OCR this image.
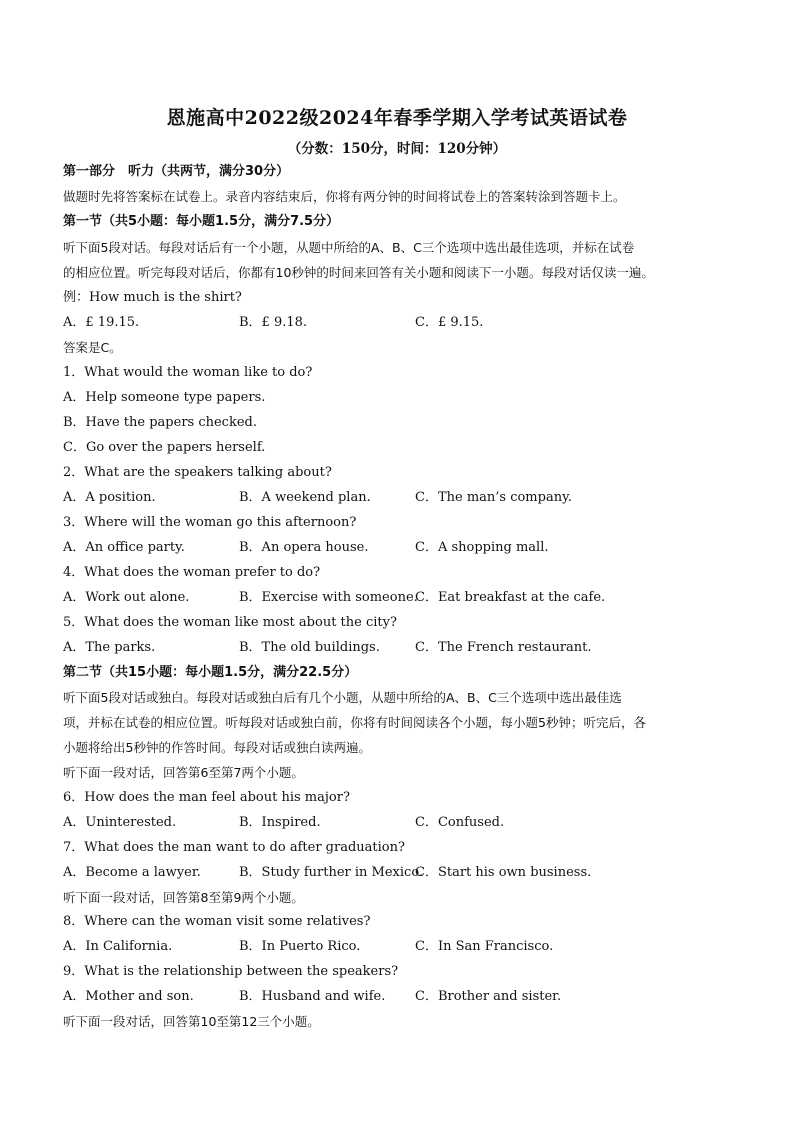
恩施高中2022级2024年春季学期入学考试英语试卷
（分数：150分，时间：120分钟）
第一部分　听力（共两节，满分30分）
做题时先将答案标在试卷上。录音内容结束后，你将有两分钟的时间将试卷上的答案转涂到答题卡上。
第一节（共5小题：每小题1.5分，满分7.5分）
听下面5段对话。每段对话后有一个小题，从题中所给的A、B、C三个选项中选出最佳选项，并标在试卷
的相应位置。听完每段对话后，你都有10秒钟的时间来回答有关小题和阅读下一小题。每段对话仅读一遍。
例：How much is the shirt?
A．£ 19.15.	B．£ 9.18.	C．£ 9.15.
答案是C。
1．What would the woman like to do?
A．Help someone type papers.
B．Have the papers checked.
C．Go over the papers herself.
2．What are the speakers talking about?
A．A position.	B．A weekend plan.	C．The man’s company.
3．Where will the woman go this afternoon?
A．An office party.	B．An opera house.	C．A shopping mall.
4．What does the woman prefer to do?
A．Work out alone.	B．Exercise with someone.
C．Eat breakfast at the cafe.
5．What does the woman like most about the city?
A．The parks.	B．The old buildings.	C．The French restaurant.
第二节（共15小题：每小题1.5分，满分22.5分）
听下面5段对话或独白。每段对话或独白后有几个小题，从题中所给的A、B、C三个选项中选出最佳选
项，并标在试卷的相应位置。听每段对话或独白前，你将有时间阅读各个小题，每小题5秒钟；听完后，各
小题将给出5秒钟的作答时间。每段对话或独白读两遍。
听下面一段对话，回答第6至第7两个小题。
6．How does the man feel about his major?
A．Uninterested.	B．Inspired.	C．Confused.
7．What does the man want to do after graduation?
A．Become a lawyer.	B．Study further in Mexico.
C．Start his own business.
听下面一段对话，回答第8至第9两个小题。
8．Where can the woman visit some relatives?
A．In California.	B．In Puerto Rico.	C．In San Francisco.
9．What is the relationship between the speakers?
A．Mother and son.	B．Husband and wife. C．Brother and sister.
听下面一段对话，回答第10至第12三个小题。
